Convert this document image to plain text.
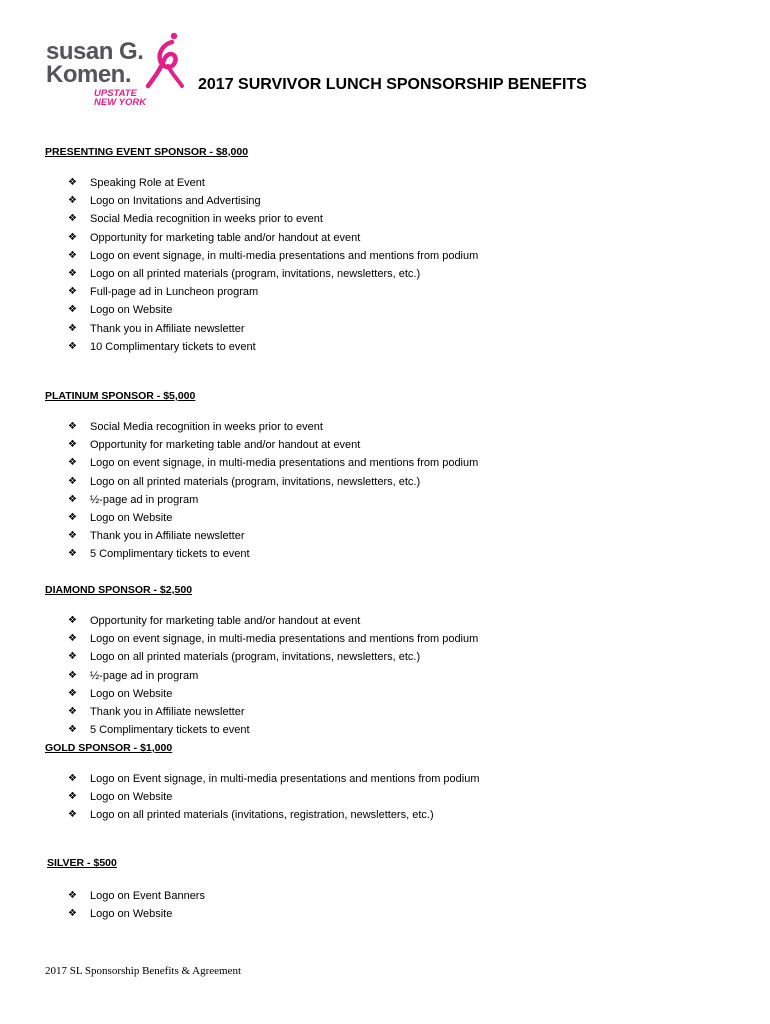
susan G.
Komen.
UPSTATE
NEW YORK
2017 SURVIVOR LUNCH SPONSORSHIP BENEFITS
PRESENTING EVENT SPONSOR - $8,000
❖	Speaking Role at Event
❖	Logo on Invitations and Advertising
❖	Social Media recognition in weeks prior to event
❖	Opportunity for marketing table and/or handout at event
❖	Logo on event signage, in multi-media presentations and mentions from podium
❖	Logo on all printed materials (program, invitations, newsletters, etc.)
❖	Full-page ad in Luncheon program
❖	Logo on Website
❖	Thank you in Affiliate newsletter
❖	10 Complimentary tickets to event
PLATINUM SPONSOR - $5,000
❖	Social Media recognition in weeks prior to event
❖	Opportunity for marketing table and/or handout at event
❖	Logo on event signage, in multi-media presentations and mentions from podium
❖	Logo on all printed materials (program, invitations, newsletters, etc.)
❖	½-page ad in program
❖	Logo on Website
❖	Thank you in Affiliate newsletter
❖	5 Complimentary tickets to event
DIAMOND SPONSOR - $2,500
❖	Opportunity for marketing table and/or handout at event
❖	Logo on event signage, in multi-media presentations and mentions from podium
❖	Logo on all printed materials (program, invitations, newsletters, etc.)
❖	½-page ad in program
❖	Logo on Website
❖	Thank you in Affiliate newsletter
❖	5 Complimentary tickets to event
GOLD SPONSOR - $1,000
❖	Logo on Event signage, in multi-media presentations and mentions from podium
❖	Logo on Website
❖	Logo on all printed materials (invitations, registration, newsletters, etc.)
SILVER - $500
❖	Logo on Event Banners
❖	Logo on Website
2017 SL Sponsorship Benefits & Agreement
